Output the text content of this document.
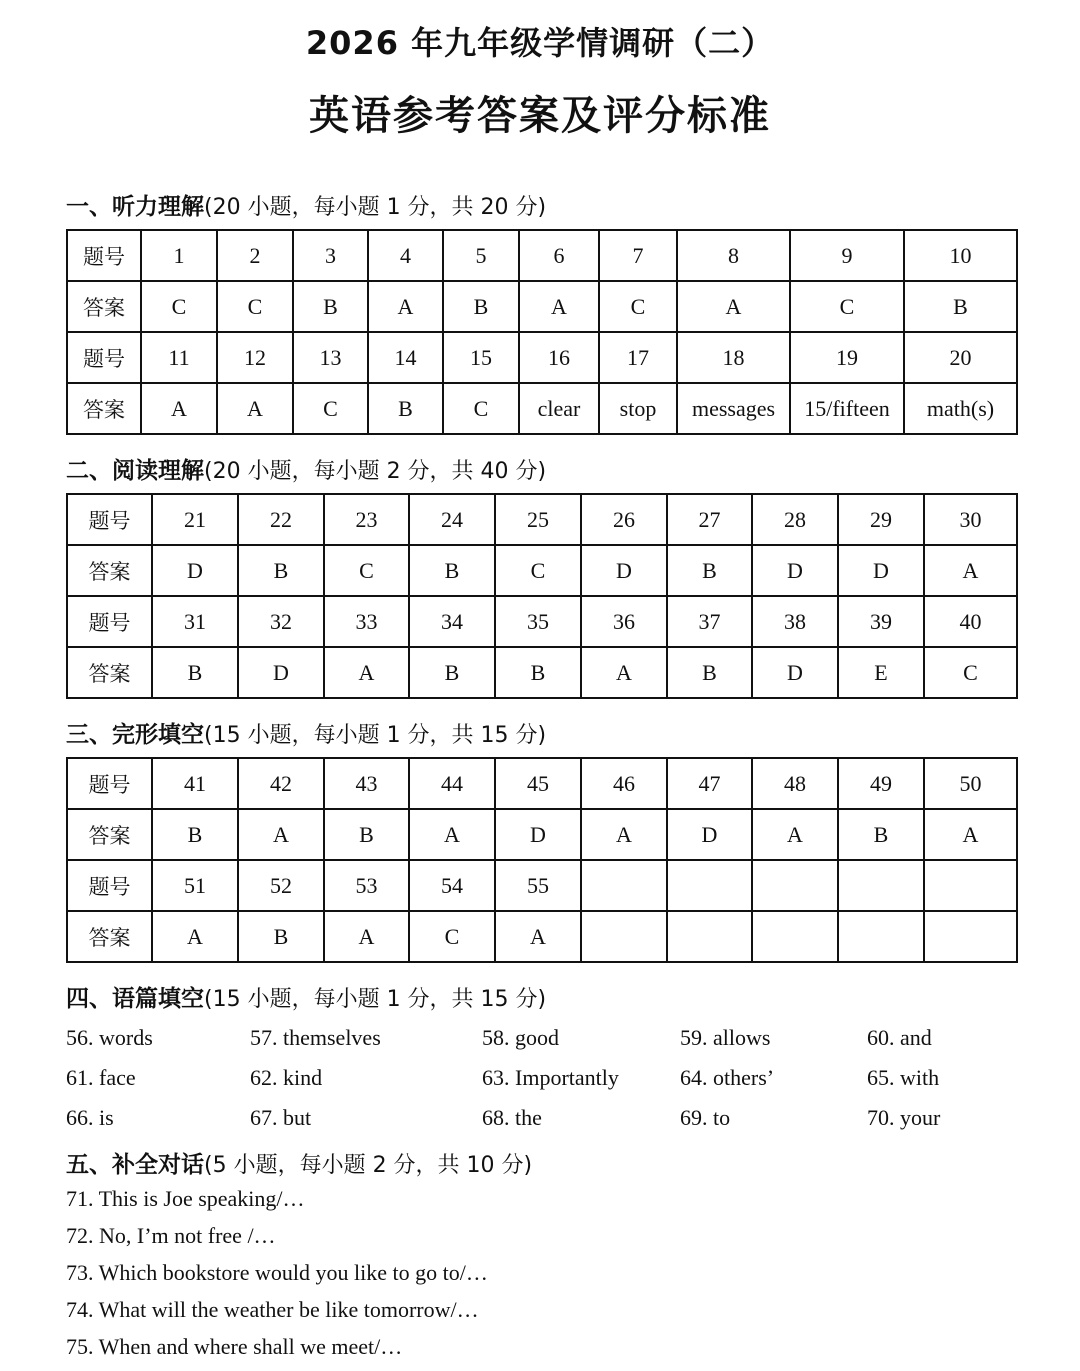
2026 年九年级学情调研（二）
英语参考答案及评分标准
一、听力理解(20 小题，每小题 1 分，共 20 分)
题号	1	2	3	4	5	6	7	8	9	10
答案	C	C	B	A	B	A	C	A	C	B
题号	11	12	13	14	15	16	17	18	19	20
答案	A	A	C	B	C	clear	stop	messages	15/fifteen	math(s)
二、阅读理解(20 小题，每小题 2 分，共 40 分)
题号	21	22	23	24	25	26	27	28	29	30
答案	D	B	C	B	C	D	B	D	D	A
题号	31	32	33	34	35	36	37	38	39	40
答案	B	D	A	B	B	A	B	D	E	C
三、完形填空(15 小题，每小题 1 分，共 15 分)
题号	41	42	43	44	45	46	47	48	49	50
答案	B	A	B	A	D	A	D	A	B	A
题号	51	52	53	54	55					
答案	A	B	A	C	A					
四、语篇填空(15 小题，每小题 1 分，共 15 分)
56. words	57. themselves	58. good	59. allows	60. and
61. face	62. kind	63. Importantly	64. others’	65. with
66. is	67. but	68. the	69. to	70. your
五、补全对话(5 小题，每小题 2 分，共 10 分)
71. This is Joe speaking/…
72. No, I’m not free /…
73. Which bookstore would you like to go to/…
74. What will the weather be like tomorrow/…
75. When and where shall we meet/…
